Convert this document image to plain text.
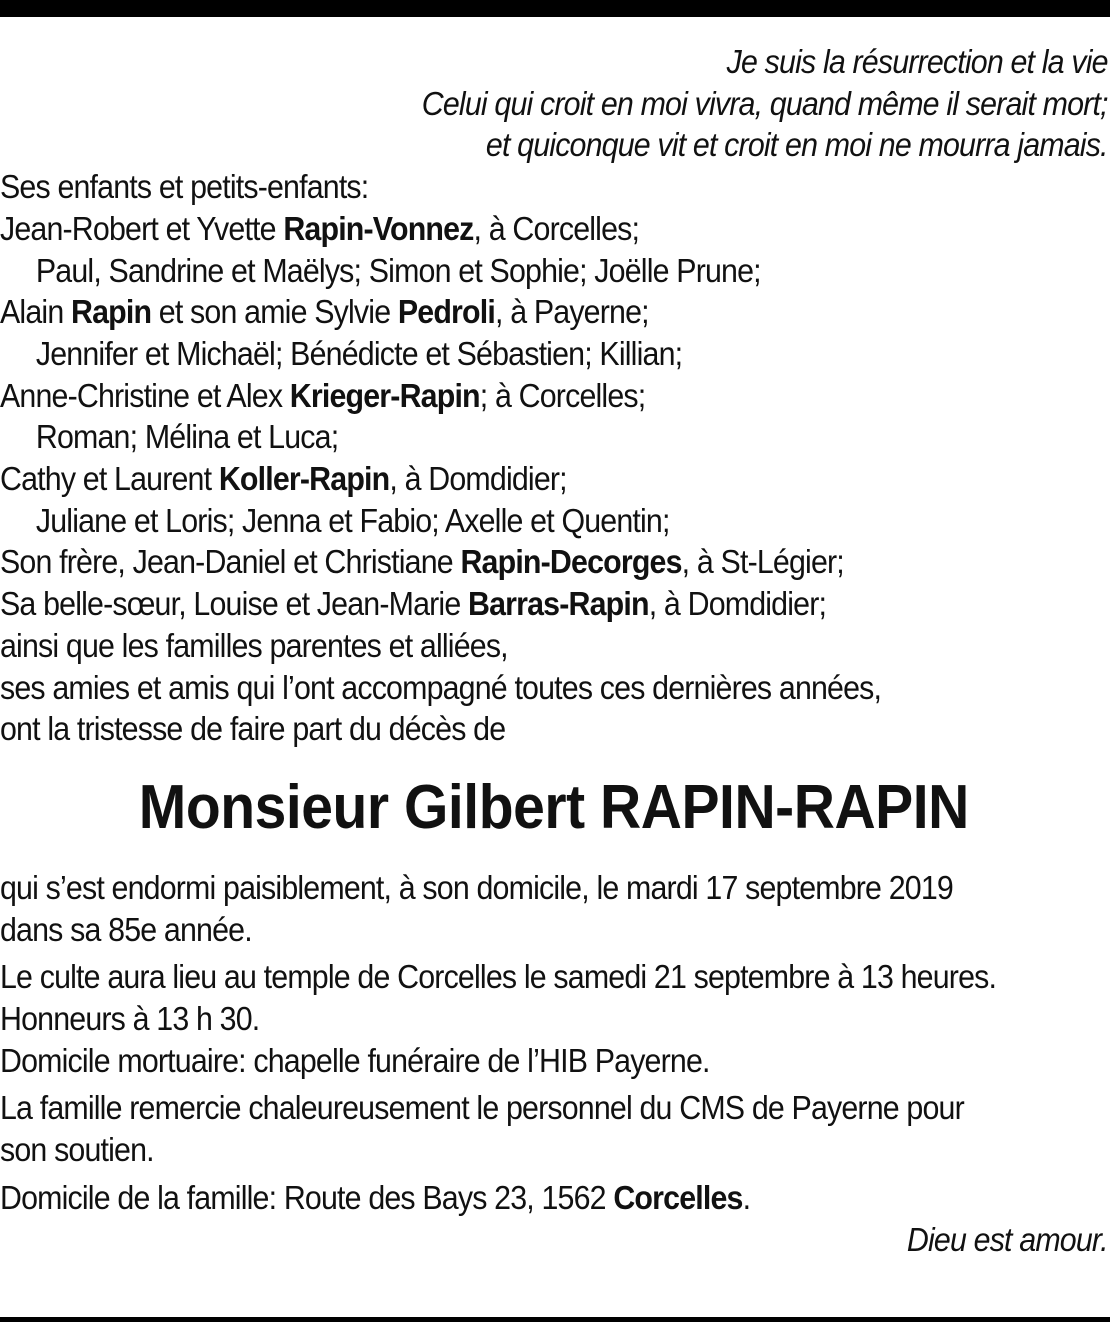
Je suis la résurrection et la vie
Celui qui croit en moi vivra, quand même il serait mort;
et quiconque vit et croit en moi ne mourra jamais.
Ses enfants et petits-enfants:
Jean-Robert et Yvette Rapin-Vonnez, à Corcelles;
Paul, Sandrine et Maëlys; Simon et Sophie; Joëlle Prune;
Alain Rapin et son amie Sylvie Pedroli, à Payerne;
Jennifer et Michaël; Bénédicte et Sébastien; Killian;
Anne-Christine et Alex Krieger-Rapin; à Corcelles;
Roman; Mélina et Luca;
Cathy et Laurent Koller-Rapin, à Domdidier;
Juliane et Loris; Jenna et Fabio; Axelle et Quentin;
Son frère, Jean-Daniel et Christiane Rapin-Decorges, à St-Légier;
Sa belle-sœur, Louise et Jean-Marie Barras-Rapin, à Domdidier;
ainsi que les familles parentes et alliées,
ses amies et amis qui l’ont accompagné toutes ces dernières années,
ont la tristesse de faire part du décès de
Monsieur Gilbert RAPIN-RAPIN
qui s’est endormi paisiblement, à son domicile, le mardi 17 septembre 2019
dans sa 85e année.
Le culte aura lieu au temple de Corcelles le samedi 21 septembre à 13 heures.
Honneurs à 13 h 30.
Domicile mortuaire: chapelle funéraire de l’HIB Payerne.
La famille remercie chaleureusement le personnel du CMS de Payerne pour
son soutien.
Domicile de la famille: Route des Bays 23, 1562 Corcelles.
Dieu est amour.
